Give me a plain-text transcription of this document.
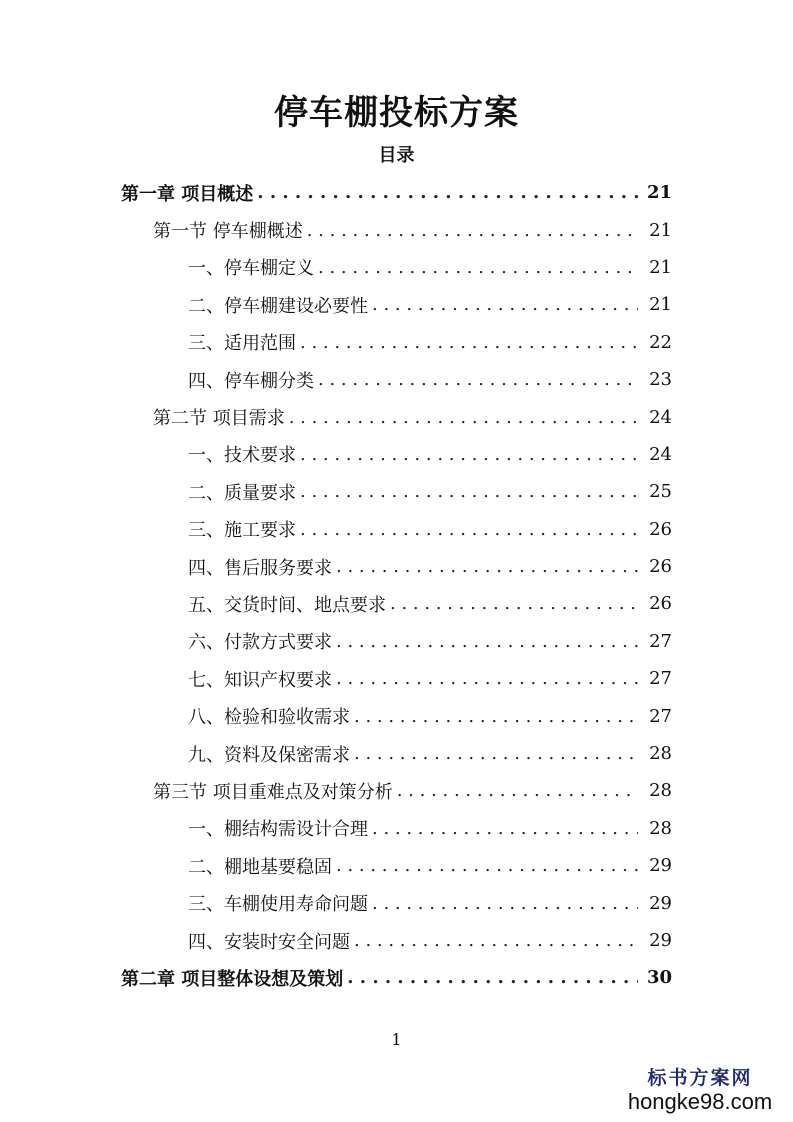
停车棚投标方案
目录
第一章 项目概述 . . .	21
第一节 停车棚概述 . . .	21
一、停车棚定义 . . .	21
二、停车棚建设必要性 . . .	21
三、适用范围 . . .	22
四、停车棚分类 . . .	23
第二节 项目需求 . . .	24
一、技术要求 . . .	24
二、质量要求 . . .	25
三、施工要求 . . .	26
四、售后服务要求 . . .	26
五、交货时间、地点要求 . . .	26
六、付款方式要求 . . .	27
七、知识产权要求 . . .	27
八、检验和验收需求 . . .	27
九、资料及保密需求 . . .	28
第三节 项目重难点及对策分析 . . .	28
一、棚结构需设计合理 . . .	28
二、棚地基要稳固 . . .	29
三、车棚使用寿命问题 . . .	29
四、安装时安全问题 . . .	29
第二章 项目整体设想及策划 . . .	30
1
标书方案网
hongke98.com
